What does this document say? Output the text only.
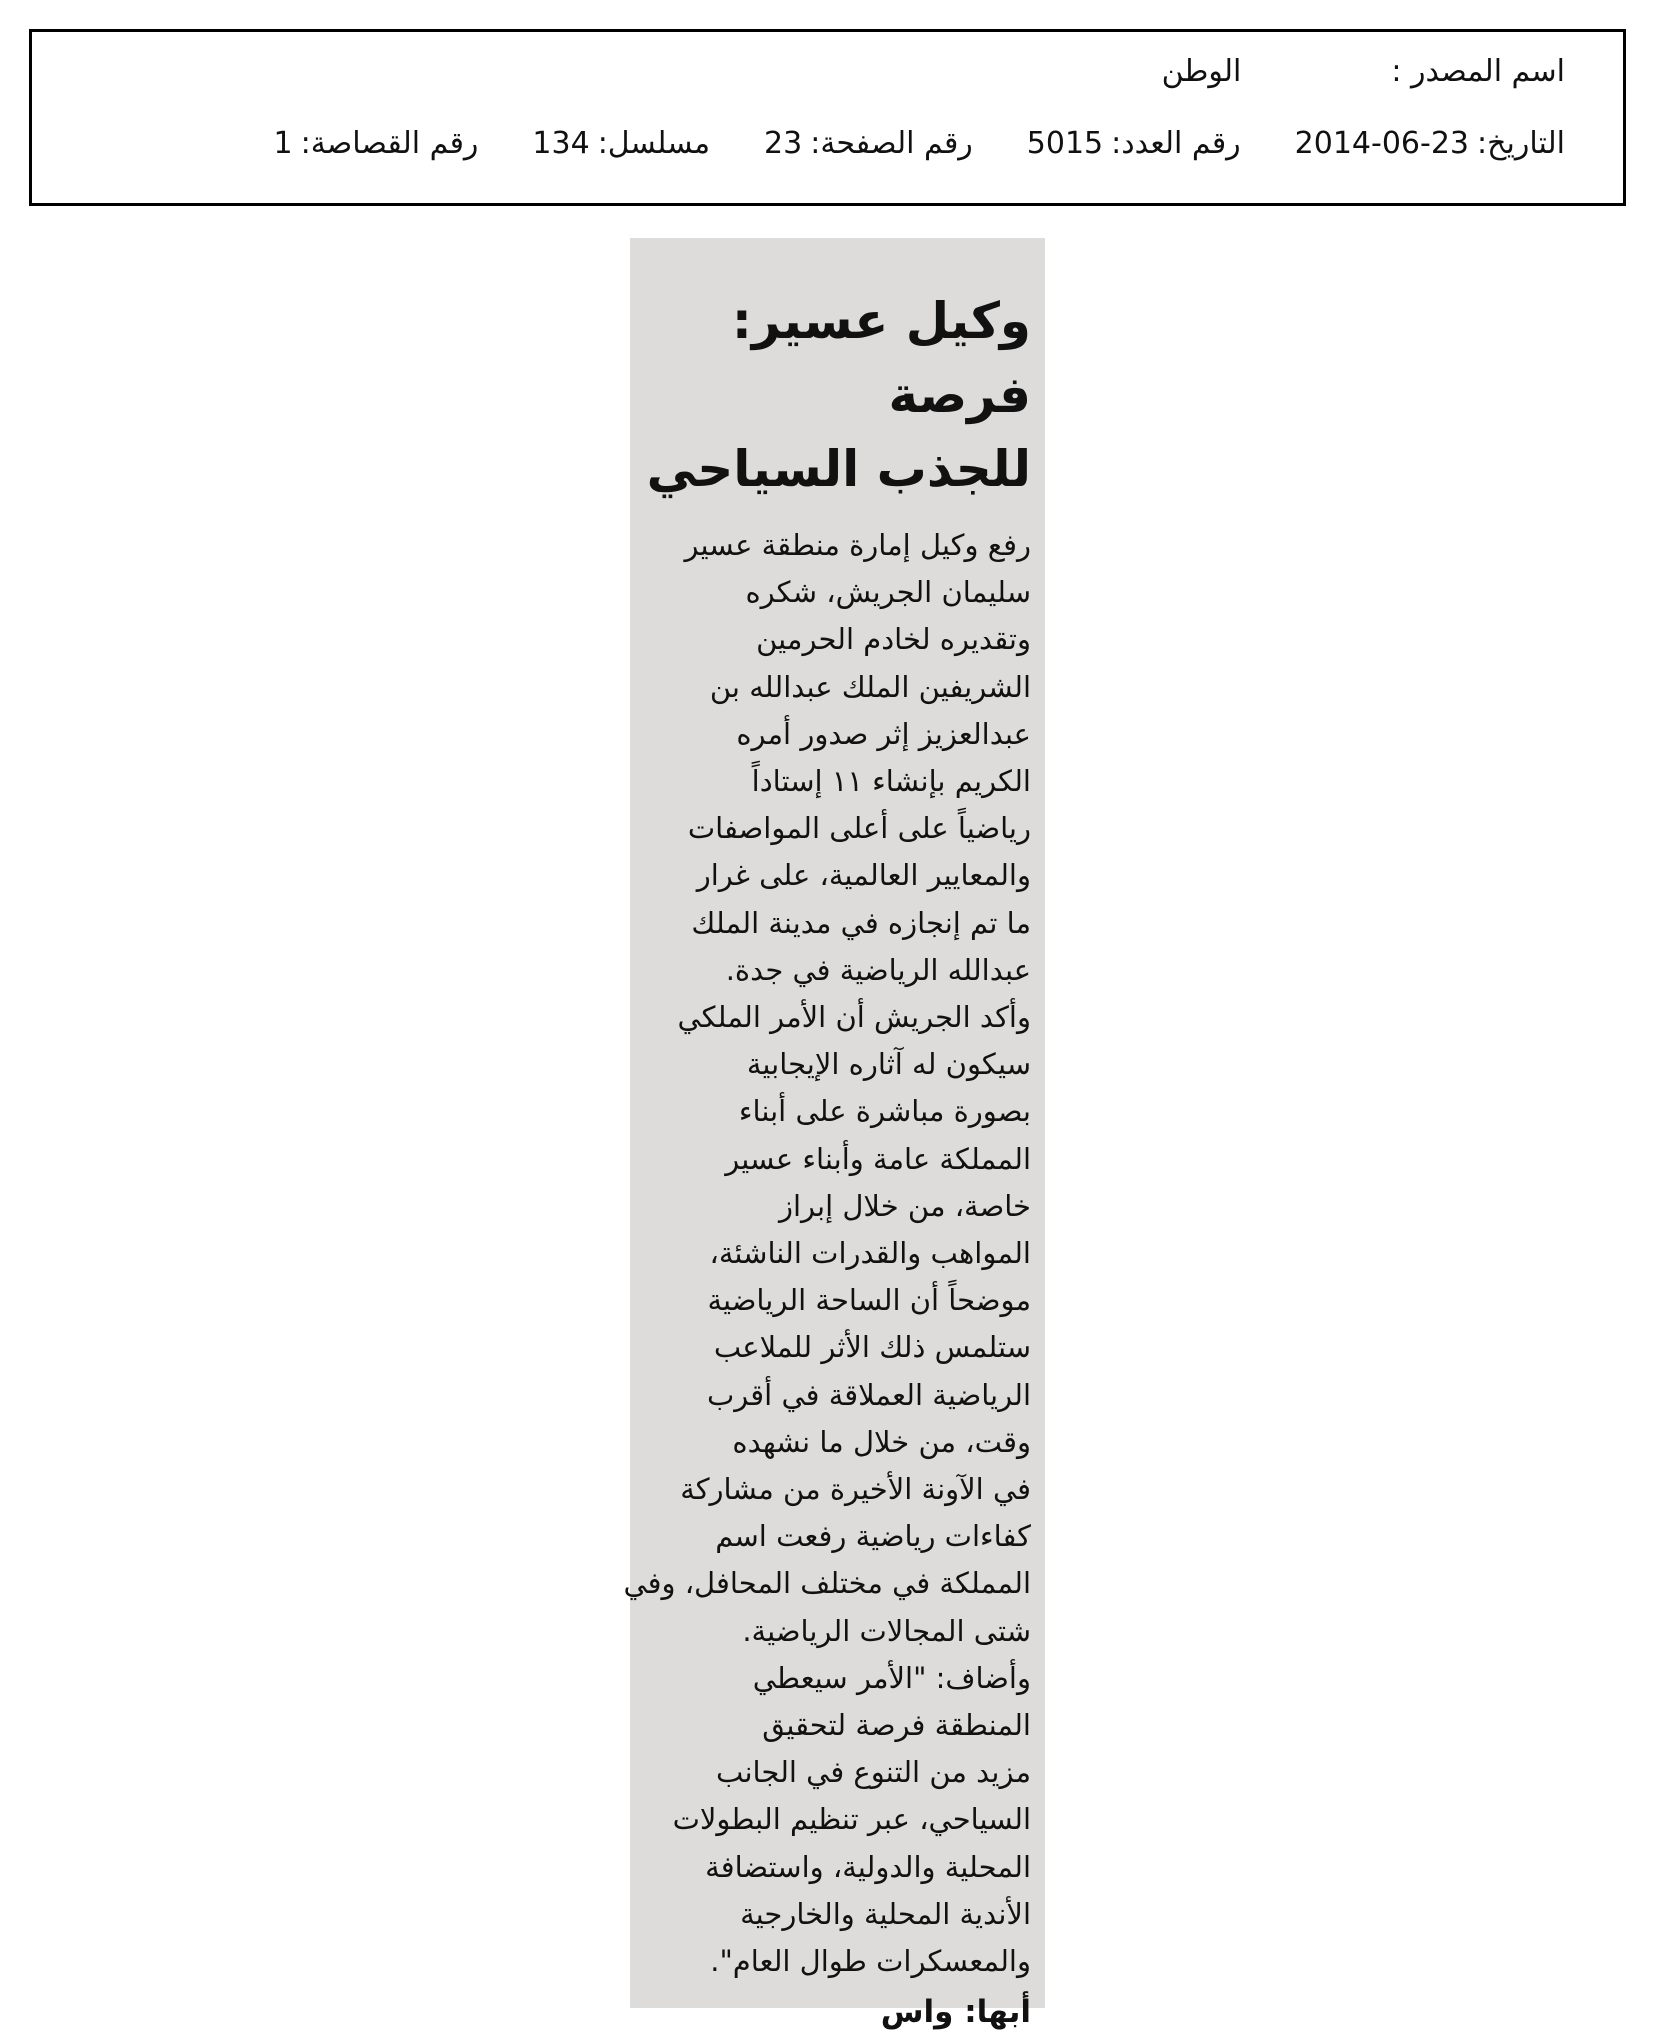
اسم المصدر :
الوطن
التاريخ:
2014-06-23
رقم العدد:
5015
رقم الصفحة:
23
مسلسل:
134
رقم القصاصة:
1
وكيل عسير: فرصة
للجذب السياحي
رفع وكيل إمارة منطقة عسير
سليمان الجريش، شكره
وتقديره لخادم الحرمين
الشريفين الملك عبدالله بن
عبدالعزيز إثر صدور أمره
الكريم بإنشاء ١١ إستاداً
رياضياً على أعلى المواصفات
والمعايير العالمية، على غرار
ما تم إنجازه في مدينة الملك
عبدالله الرياضية في جدة.
وأكد الجريش أن الأمر الملكي
سيكون له آثاره الإيجابية
بصورة مباشرة على أبناء
المملكة عامة وأبناء عسير
خاصة، من خلال إبراز
المواهب والقدرات الناشئة،
موضحاً أن الساحة الرياضية
ستلمس ذلك الأثر للملاعب
الرياضية العملاقة في أقرب
وقت، من خلال ما نشهده
في الآونة الأخيرة من مشاركة
كفاءات رياضية رفعت اسم
المملكة في مختلف المحافل، وفي
شتى المجالات الرياضية.
وأضاف: "الأمر سيعطي
المنطقة فرصة لتحقيق
مزيد من التنوع في الجانب
السياحي، عبر تنظيم البطولات
المحلية والدولية، واستضافة
الأندية المحلية والخارجية
والمعسكرات طوال العام".
أبها: واس
